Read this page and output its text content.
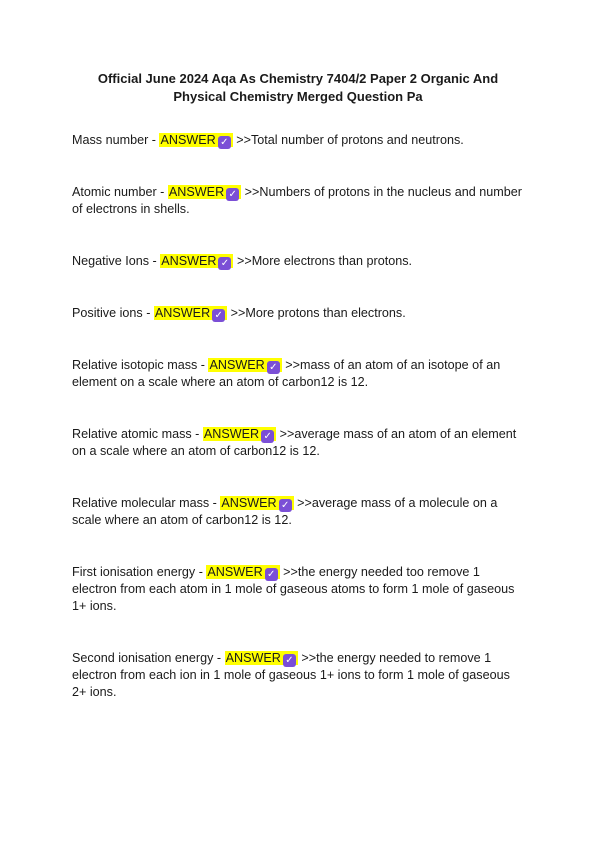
Official June 2024 Aqa As Chemistry 7404/2 Paper 2 Organic And Physical Chemistry Merged Question Pa

Mass number - ANSWER ✓ >>Total number of protons and neutrons.

Atomic number - ANSWER ✓ >>Numbers of protons in the nucleus and number of electrons in shells.

Negative Ions - ANSWER ✓ >>More electrons than protons.

Positive ions - ANSWER ✓ >>More protons than electrons.

Relative isotopic mass - ANSWER ✓ >>mass of an atom of an isotope of an element on a scale where an atom of carbon12 is 12.

Relative atomic mass - ANSWER ✓ >>average mass of an atom of an element on a scale where an atom of carbon12 is 12.

Relative molecular mass - ANSWER ✓ >>average mass of a molecule on a scale where an atom of carbon12 is 12.

First ionisation energy - ANSWER ✓ >>the energy needed too remove 1 electron from each atom in 1 mole of gaseous atoms to form 1 mole of gaseous 1+ ions.

Second ionisation energy - ANSWER ✓ >>the energy needed to remove 1 electron from each ion in 1 mole of gaseous 1+ ions to form 1 mole of gaseous 2+ ions.
